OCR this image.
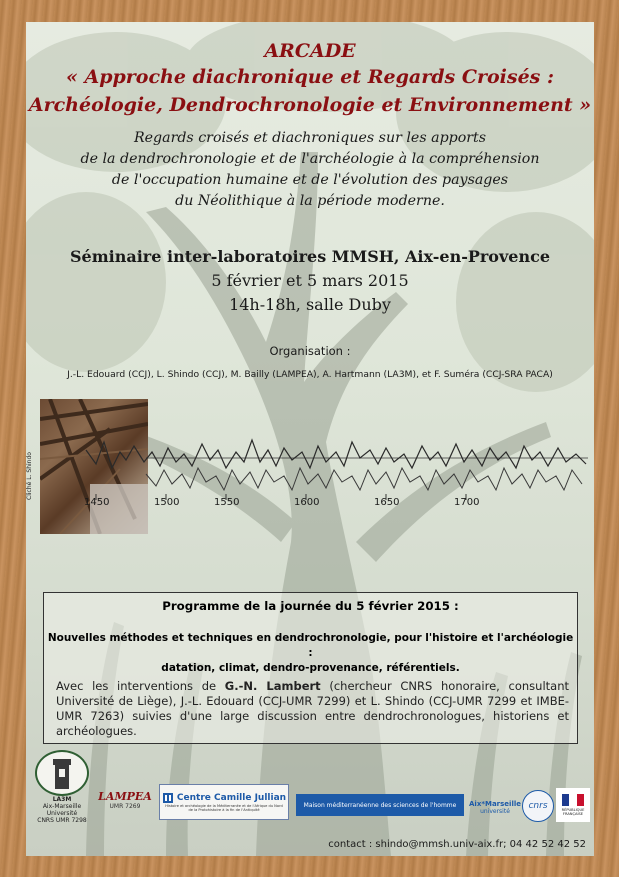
ARCADE
« Approche diachronique et Regards Croisés :
Archéologie, Dendrochronologie et Environnement »
Regards croisés et diachroniques sur les apports
de la dendrochronologie et de l'archéologie à la compréhension
de l'occupation humaine et de l'évolution des paysages
du Néolithique à la période moderne.
Séminaire inter-laboratoires MMSH, Aix-en-Provence
5 février et 5 mars 2015
14h-18h, salle Duby
Organisation :
J.-L. Edouard (CCJ), L. Shindo (CCJ), M. Bailly (LAMPEA), A. Hartmann (LA3M), et F. Suméra (CCJ-SRA PACA)
Cliché L. Shindo
1450	1500	1550	1600	1650	1700
Programme de la journée du 5 février 2015 :
Nouvelles méthodes et techniques en dendrochronologie, pour l'histoire et l'archéologie :
datation, climat, dendro-provenance, référentiels.
Avec les interventions de G.-N. Lambert (chercheur CNRS honoraire, consultant Université de Liège), J.-L. Edouard (CCJ-UMR 7299) et L. Shindo (CCJ-UMR 7299 et IMBE-UMR 7263) suivies d'une large discussion entre dendrochronologues, historiens et archéologues.
LA3M
Aix-Marseille Université
CNRS UMR 7298
LAMPEA
UMR 7269
Centre Camille Jullian
Histoire et archéologie de la Méditerranée et de l'Afrique du Nord de la Protohistoire à la fin de l'Antiquité
Maison méditerranéenne des sciences de l'homme Aix*Marseille
université cnrs	RÉPUBLIQUE FRANÇAISE
contact : shindo@mmsh.univ-aix.fr; 04 42 52 42 52
